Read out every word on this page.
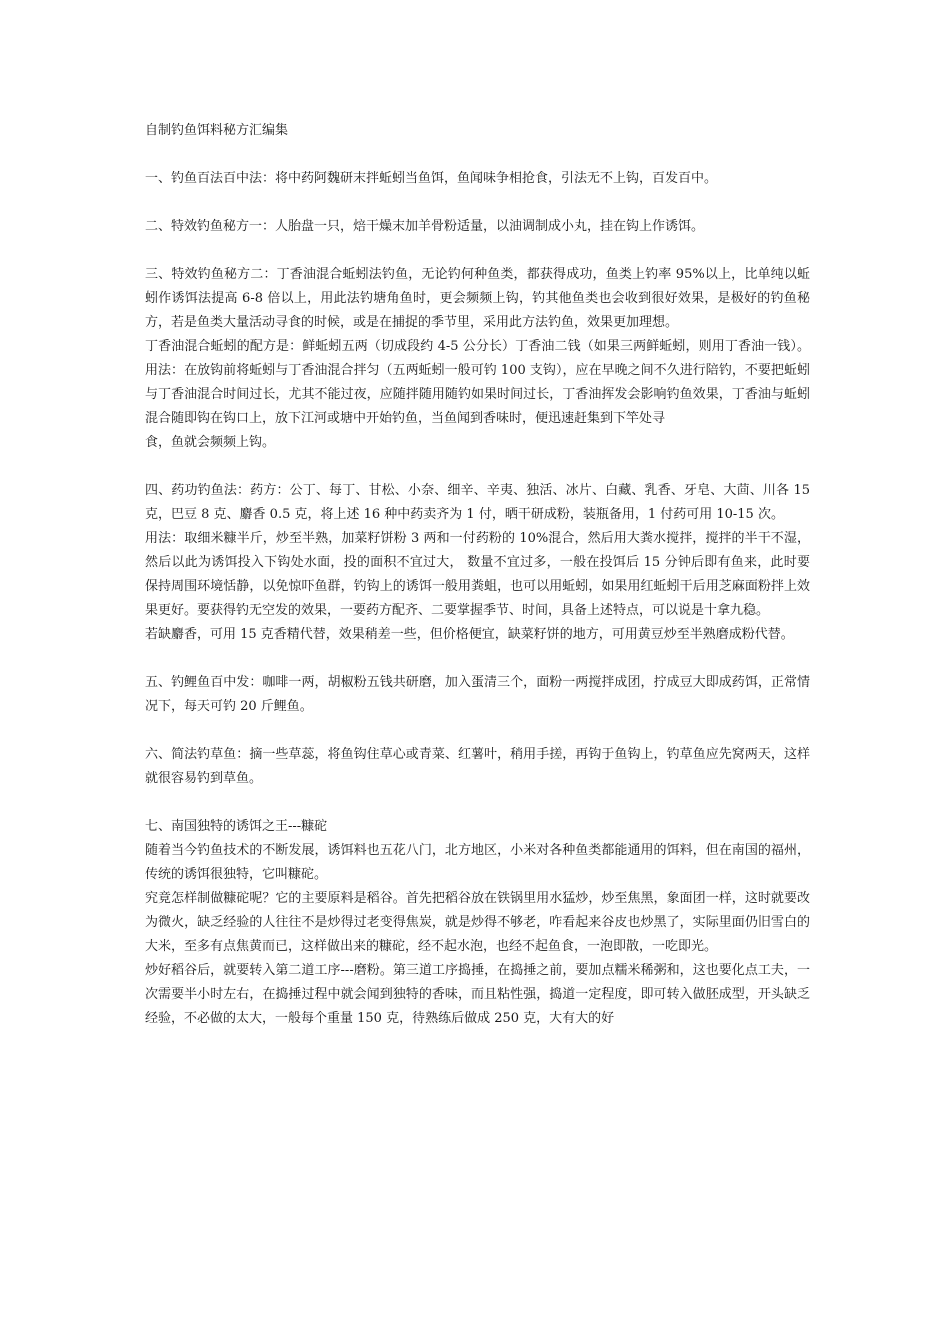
自制钓鱼饵料秘方汇编集

一、钓鱼百法百中法：将中药阿魏研末拌蚯蚓当鱼饵，鱼闻味争相抢食，引法无不上钩，百发百中。

二、特效钓鱼秘方一：人胎盘一只，焙干燥末加羊骨粉适量，以油调制成小丸，挂在钩上作诱饵。

三、特效钓鱼秘方二：丁香油混合蚯蚓法钓鱼，无论钓何种鱼类，都获得成功，鱼类上钓率 95%以上，比单纯以蚯蚓作诱饵法提高 6-8 倍以上，用此法钓塘角鱼时，更会频频上钩，钓其他鱼类也会收到很好效果，是极好的钓鱼秘方，若是鱼类大量活动寻食的时候，或是在捕捉的季节里，采用此方法钓鱼，效果更加理想。

丁香油混合蚯蚓的配方是：鲜蚯蚓五两（切成段约 4-5 公分长）丁香油二钱（如果三两鲜蚯蚓，则用丁香油一钱）。用法：在放钩前将蚯蚓与丁香油混合拌匀（五两蚯蚓一般可钓 100 支钩），应在早晚之间不久进行陪钓，不要把蚯蚓与丁香油混合时间过长，尤其不能过夜，应随拌随用随钓如果时间过长，丁香油挥发会影响钓鱼效果，丁香油与蚯蚓混合随即钩在钩口上，放下江河或塘中开始钓鱼，当鱼闻到香味时，便迅速赶集到下竿处寻

食，鱼就会频频上钩。

四、药功钓鱼法：药方：公丁、每丁、甘松、小奈、细辛、辛夷、独活、冰片、白藏、乳香、牙皂、大茴、川各 15 克，巴豆 8 克、麝香 0.5 克，将上述 16 种中药卖齐为 1 付，晒干研成粉，装瓶备用，1 付药可用 10-15 次。

用法：取细米糠半斤，炒至半熟，加菜籽饼粉 3 两和一付药粉的 10%混合，然后用大粪水搅拌，搅拌的半干不湿，然后以此为诱饵投入下钩处水面，投的面积不宜过大， 数量不宜过多，一般在投饵后 15 分钟后即有鱼来，此时要保持周围环境恬静，以免惊吓鱼群，钓钩上的诱饵一般用粪蛆，也可以用蚯蚓，如果用红蚯蚓干后用芝麻面粉拌上效果更好。要获得钓无空发的效果，一要药方配齐、二要掌握季节、时间，具备上述特点，可以说是十拿九稳。

若缺麝香，可用 15 克香精代替，效果稍差一些，但价格便宜，缺菜籽饼的地方，可用黄豆炒至半熟磨成粉代替。

五、钓鲤鱼百中发：咖啡一两，胡椒粉五钱共研磨，加入蛋清三个，面粉一两搅拌成团，拧成豆大即成药饵，正常情况下，每天可钓 20 斤鲤鱼。

六、简法钓草鱼：摘一些草蕊，将鱼钩住草心或青菜、红薯叶，稍用手搓，再钩于鱼钩上，钓草鱼应先窝两天，这样就很容易钓到草鱼。

七、南国独特的诱饵之王---糠砣

随着当今钓鱼技术的不断发展，诱饵料也五花八门，北方地区，小米对各种鱼类都能通用的饵料，但在南国的福州，传统的诱饵很独特，它叫糠砣。

究竟怎样制做糠砣呢？它的主要原料是稻谷。首先把稻谷放在铁锅里用水猛炒，炒至焦黑，象面团一样，这时就要改为微火，缺乏经验的人往往不是炒得过老变得焦炭，就是炒得不够老，咋看起来谷皮也炒黑了，实际里面仍旧雪白的大米，至多有点焦黄而已，这样做出来的糠砣，经不起水泡，也经不起鱼食，一泡即散，一吃即光。

炒好稻谷后，就要转入第二道工序---磨粉。第三道工序捣捶，在捣捶之前，要加点糯米稀粥和，这也要化点工夫，一次需要半小时左右，在捣捶过程中就会闻到独特的香味，而且粘性强，捣道一定程度，即可转入做胚成型，开头缺乏经验，不必做的太大，一般每个重量 150 克，待熟练后做成 250 克，大有大的好
